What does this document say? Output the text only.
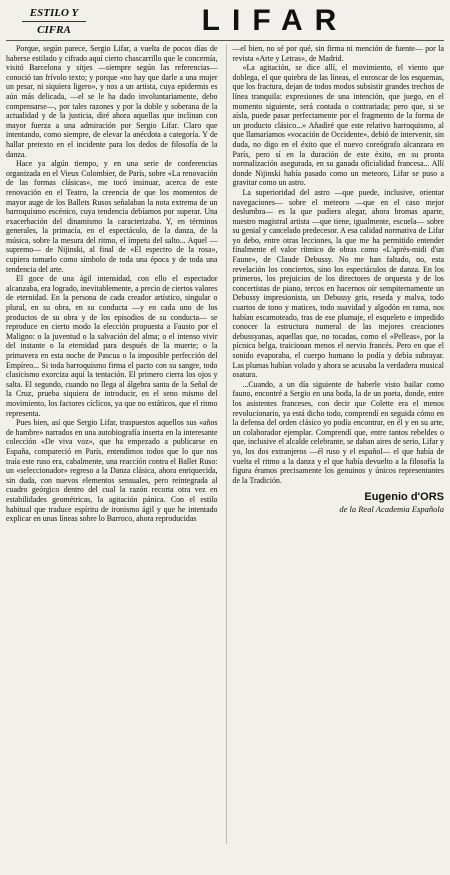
ESTILO Y
CIFRA	LIFAR

Porque, según parece, Sergio Lifar, a vuelta de pocos días de haberse estilado y cifrado aquí cierto chascarrillo que le concernía, visitó Barcelona y sitjes —siempre según las referencias— conoció tan frívolo texto; y porque «no hay que darle a una mujer un pesar, ni siquiera ligero», y nos a un artista, cuya epidermis es aún más delicada, —el se le ha dado involuntariamente, debo compensarse—, por tales razones y por la doble y soberana de la actualidad y de la justicia, diré ahora aquellas que inclinan con mayor fuerza a una admiración por Sergio Lifar. Claro que intentando, como siempre, de elevar la anécdota a categoría. Y de hallar pretexto en el incidente para los dedos de filosofía de la danza.

Hace ya algún tiempo, y en una serie de conferencias organizada en el Vieux Colombier, de París, sobre «La renovación de las formas clásicas», me tocó insinuar, acerca de este renovación en el Teatro, la creencia de que los momentos de mayor auge de los Ballets Rusos señalaban la nota extrema de un barroquismo escénico, cuya tendencia debíamos por superar. Una exacerbación del dinamismo la caracterizaba. Y, en términos generales, la primacía, en el espectáculo, de la danza, de la música, sobre la mesura del ritmo, el ímpetu del salto... Aquel —supremo— de Nijinski, al final de «El espectro de la rosa», cupiera tomarlo como símbolo de toda una época y de toda una tendencia del arte.

El goce de una ágil intensidad, con ello el espectador alcanzaba, era logrado, inevitablemente, a precio de ciertos valores de eternidad. En la persona de cada creador artístico, singular o plural, en su obra, en su conducta —y en cada uno de los productos de su obra y de los episodios de su conducta— se reproduce en cierto modo la elección propuesta a Fausto por el Maligno: o la juventud o la salvación del alma; o el intenso vivir del instante o la eternidad para después de la muerte; o la primavera en esta noche de Pascua o la imposible perfección del Empíreo... Si toda barroquismo firma el pacto con su sangre, todo clasicismo exorciza aquí la tentación. El primero cierra los ojos y salta. El segundo, cuando no llega al álgebra santa de la Señal de la Cruz, prueba siquiera de introducir, en el seno mismo del movimiento, los factores cíclicos, ya que no estáticos, que el ritmo representa.

Pues bien, así que Sergio Lifar, traspuestos aquellos sus «años de hambre» narrados en una autobiografía inserta en la interesante colección «De viva voz», que ha empezado a publicarse en España, compareció en París, entendimos todos que lo que nos traía este ruso era, cabalmente, una reacción contra el Ballet Ruso: un «seleccionador» regreso a la Danza clásica, ahora enriquecida, sin duda, con nuevos elementos sensuales, pero reintegrada al cuadro geórgico dentro del cual la razón recorta otra vez en estabilidades geométricas, la agitación pánica. Con el estilo habitual que traduce espíritu de ironismo ágil y que he intentado explicar en unas líneas sobre lo Barroco, ahora reproducidas

—el bien, no sé por qué, sin firma ni mención de fuente— por la revista «Arte y Letras», de Madrid.

«La agitación, se dice allí, el movimiento, el viento que doblega, el que quiebra de las líneas, el enroscar de los esquemas, que los fractura, dejan de todos modos subsistir grandes trechos de línea tranquila: expresiones de una intención, que juego, en el momento siguiente, será contada o contrariada; pero que, si se aísla, puede pasar perfectamente por el fragmento de la forma de un producto clásico...» Añadiré que este relativo barroquismo, al que llamaríamos «vocación de Occidente», debió de intervenir, sin duda, no digo en el éxito que el nuevo coreógrafo alcanzara en París, pero sí en la duración de este éxito, en su pronta normalización asegurada, en su ganada oficialidad francesa... Allí donde Nijinski había pasado como un meteoro, Lifar se puso a gravitar como un astro.

La superioridad del astro —que puede, inclusive, orientar navegaciones— sobre el meteoro —que en el caso mejor deslumbra— es la que pudiera alegar, ahora bromas aparte, nuestro magistral artista —que tiene, igualmente, escuela— sobre su genial y cancelado predecesor. A esa calidad normativa de Lifar yo debo, entre otras lecciones, la que me ha permitido entender finalmente el valor rítmico de obras como «L'après-midi d'un Faune», de Claude Debussy. No me han faltado, no, esta revelación los conciertos, sino los espectáculos de danza. En los primeros, los prejuicios de los directores de orquesta y de los concertistas de piano, tercos en hacernos oír sempiternamente un Debussy impresionista, un Debussy gris, reseda y malva, todo cuartos de tono y matices, todo suavidad y algodón en rama, nos habían escamoteado, tras de ese plumaje, el esqueleto e impedido conocer la estructura numeral de las mejores creaciones debussyanas, aquellas que, no tocadas, como el «Pelleas», por la pícnica belga, traicionan menos el nervio francés. Pero en que el sonido evaporaba, el cuerpo humano lo podía y debía subrayar. Las plumas habían volado y ahora se acusaba la verdadera musical osatura.

...Cuando, a un día siguiente de haberle visto bailar como fauno, encontré a Sergio en una boda, la de un poeta, donde, entre los asistentes franceses, con decir que Colette era el menos revolucionario, ya está dicho todo, comprendí en seguida cómo en la defensa del orden clásico yo podía encontrar, en él y en su arte, un colaborador ejemplar. Comprendí que, entre tantos rebeldes o que, inclusive el alcalde celebrante, se daban aires de serio, Lifar y yo, los dos extranjeros —él ruso y el español— el que había de vuelta el ritmo a la danza y el que había devuelto a la filosofía la figura éramos precisamente los genuinos y únicos representantes de la Tradición.

Eugenio d'ORS
de la Real Academia Española
